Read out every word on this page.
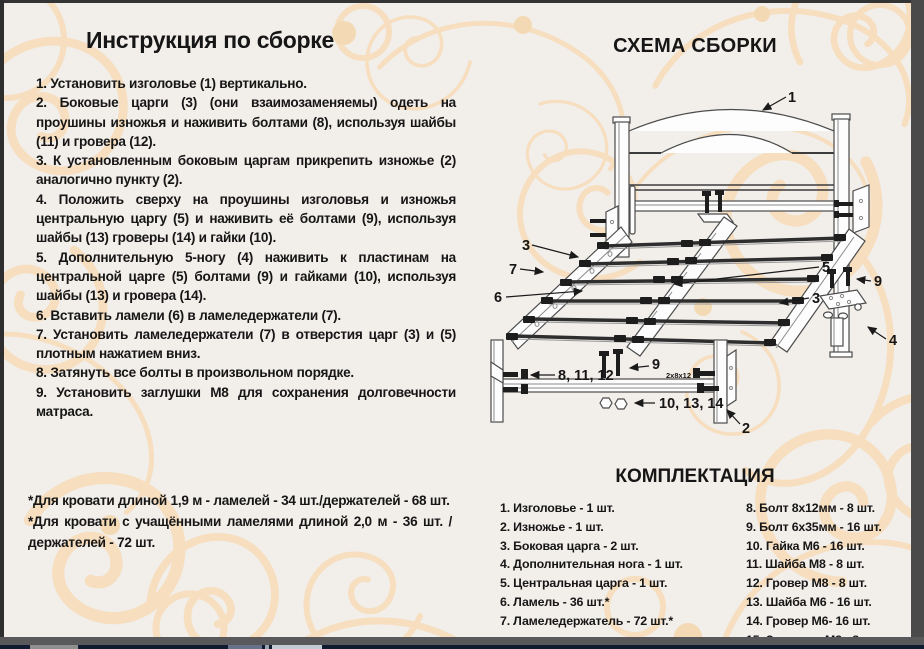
Инструкция по сборке

1. Установить изголовье (1) вертикально.

2. Боковые царги (3) (они взаимозаменяемы) одеть на проушины изножья и наживить болтами (8), используя шайбы (11) и гровера (12).

3. К установленным боковым царгам прикрепить изножье (2) аналогично пункту (2).

4. Положить сверху на проушины изголовья и изножья центральную царгу (5) и наживить её болтами (9), используя шайбы (13) гроверы (14) и гайки (10).

5. Дополнительную 5-ногу (4) наживить к пластинам на центральной царге (5) болтами (9) и гайками (10), используя шайбы (13) и гровера (14).

6. Вставить ламели (6) в ламеледержатели (7).

7. Установить ламеледержатели (7) в отверстия царг (3) и (5) плотным нажатием вниз.

8. Затянуть все болты в произвольном порядке.

9. Установить заглушки М8 для сохранения долговечности матраса.

*Для кровати длиной 1,9 м - ламелей - 34 шт./держателей - 68 шт.

*Для кровати с учащёнными ламелями длиной 2,0 м - 36 шт. /держателей - 72 шт.

СХЕМА СБОРКИ
1
3
7
6
5
9
3
4
8, 11, 12
9
2х8х12
10, 13, 14
2
КОМПЛЕКТАЦИЯ

1. Изголовье - 1 шт.

2. Изножье - 1 шт.

3. Боковая царга - 2 шт.

4. Дополнительная нога - 1 шт.

5. Центральная царга - 1 шт.

6. Ламель - 36 шт.*

7. Ламеледержатель - 72 шт.*

8. Болт 8х12мм - 8 шт.

9. Болт 6х35мм - 16 шт.

10. Гайка М6 - 16 шт.

11. Шайба М8 - 8 шт.

12. Гровер М8 - 8 шт.

13. Шайба М6 - 16 шт.

14. Гровер М6- 16 шт.
